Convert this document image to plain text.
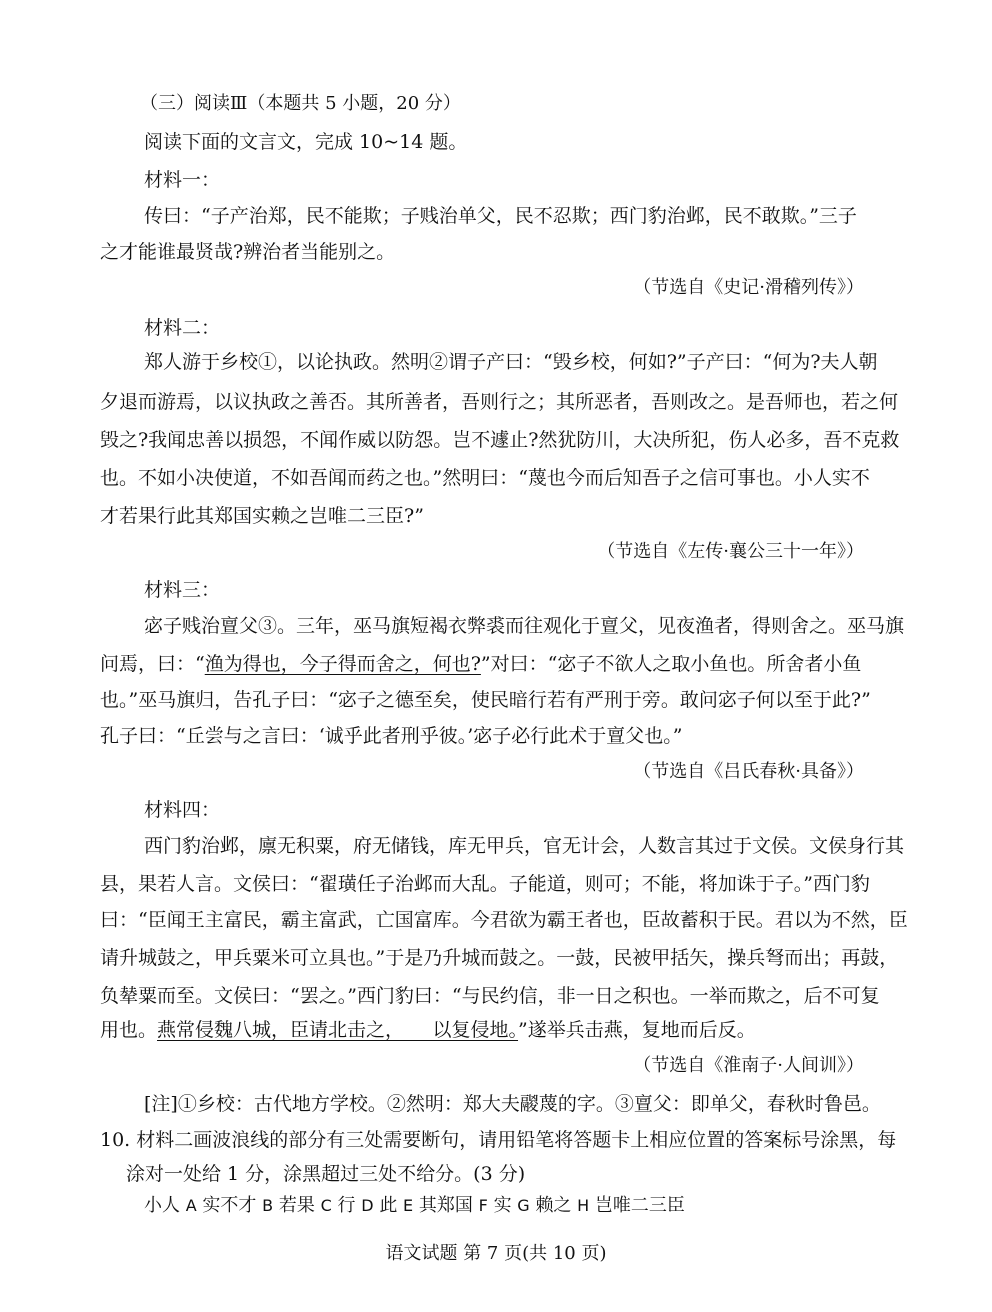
（三）阅读Ⅲ（本题共 5 小题，20 分）
阅读下面的文言文，完成 10~14 题。
材料一：
传曰：“子产治郑，民不能欺；子贱治单父，民不忍欺；西门豹治邺，民不敢欺。”三子
之才能谁最贤哉?辨治者当能别之。
（节选自《史记·滑稽列传》）
材料二：
郑人游于乡校①，以论执政。然明②谓子产曰：“毁乡校，何如?”子产曰：“何为?夫人朝
夕退而游焉，以议执政之善否。其所善者，吾则行之；其所恶者，吾则改之。是吾师也，若之何
毁之?我闻忠善以损怨，不闻作威以防怨。岂不遽止?然犹防川，大决所犯，伤人必多，吾不克救
也。不如小决使道，不如吾闻而药之也。”然明曰：“蔑也今而后知吾子之信可事也。小人实不
才若果行此其郑国实赖之岂唯二三臣?”
（节选自《左传·襄公三十一年》）
材料三：
宓子贱治亶父③。三年，巫马旗短褐衣弊裘而往观化于亶父，见夜渔者，得则舍之。巫马旗
问焉，曰：“渔为得也，今子得而舍之，何也?”对曰：“宓子不欲人之取小鱼也。所舍者小鱼
也。”巫马旗归，告孔子曰：“宓子之德至矣，使民暗行若有严刑于旁。敢问宓子何以至于此?”
孔子曰：“丘尝与之言曰：‘诚乎此者刑乎彼。’宓子必行此术于亶父也。”
（节选自《吕氏春秋·具备》）
材料四：
西门豹治邺，廪无积粟，府无储钱，库无甲兵，官无计会，人数言其过于文侯。文侯身行其
县，果若人言。文侯曰：“翟璜任子治邺而大乱。子能道，则可；不能，将加诛于子。”西门豹
曰：“臣闻王主富民，霸主富武，亡国富库。今君欲为霸王者也，臣故蓄积于民。君以为不然，臣
请升城鼓之，甲兵粟米可立具也。”于是乃升城而鼓之。一鼓，民被甲括矢，操兵弩而出；再鼓，
负辇粟而至。文侯曰：“罢之。”西门豹曰：“与民约信，非一日之积也。一举而欺之，后不可复
用也。燕常侵魏八城，臣请北击之，　　以复侵地。”遂举兵击燕，复地而后反。
（节选自《淮南子·人间训》）
[注]①乡校：古代地方学校。②然明：郑大夫鬷蔑的字。③亶父：即单父，春秋时鲁邑。
10. 材料二画波浪线的部分有三处需要断句，请用铅笔将答题卡上相应位置的答案标号涂黑，每
涂对一处给 1 分，涂黑超过三处不给分。(3 分)
小人 A 实不才 B 若果 C 行 D 此 E 其郑国 F 实 G 赖之 H 岂唯二三臣
语文试题 第 7 页(共 10 页)
